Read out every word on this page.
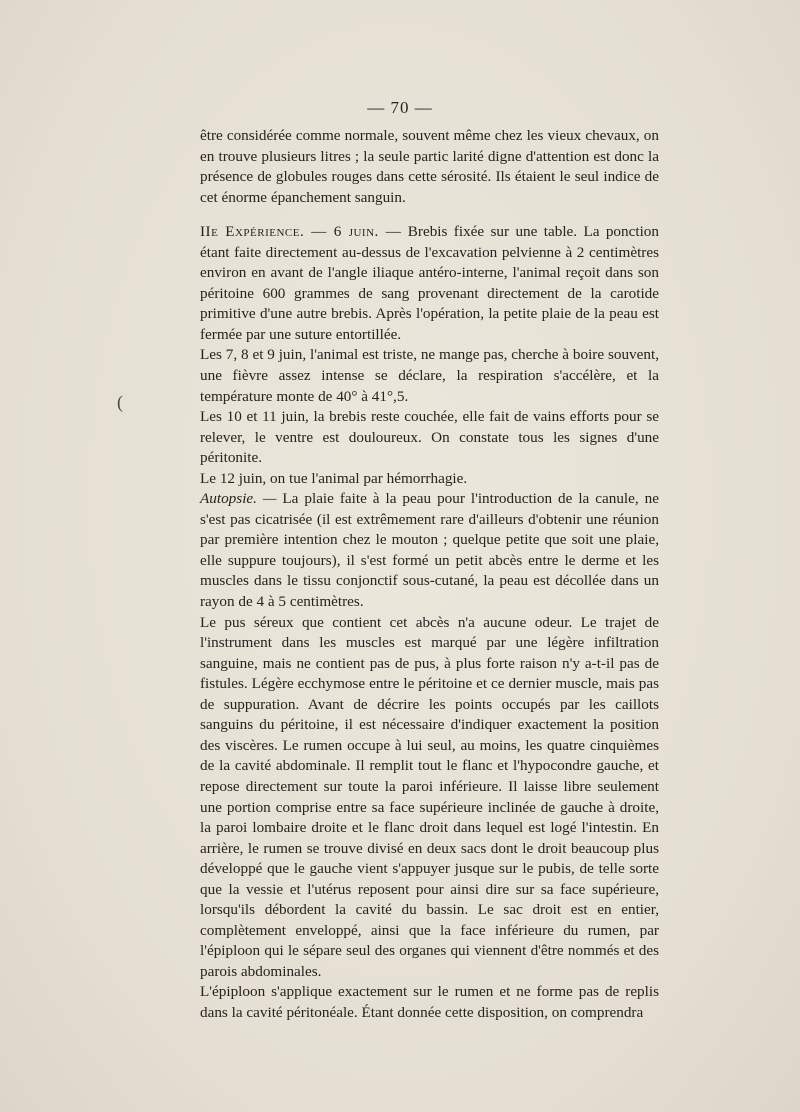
— 70 —
(

être considérée comme normale, souvent même chez les vieux chevaux, on en trouve plusieurs litres ; la seule partic larité digne d'attention est donc la présence de globules rouges dans cette sérosité. Ils étaient le seul indice de cet énorme épanchement sanguin.

IIe Expérience. — 6 juin. — Brebis fixée sur une table. La ponction étant faite directement au-dessus de l'excavation pelvienne à 2 centimètres environ en avant de l'angle iliaque antéro-interne, l'animal reçoit dans son péritoine 600 grammes de sang provenant directement de la carotide primitive d'une autre brebis. Après l'opération, la petite plaie de la peau est fermée par une suture entortillée.

Les 7, 8 et 9 juin, l'animal est triste, ne mange pas, cherche à boire souvent, une fièvre assez intense se déclare, la respiration s'accélère, et la température monte de 40° à 41°,5.

Les 10 et 11 juin, la brebis reste couchée, elle fait de vains efforts pour se relever, le ventre est douloureux. On constate tous les signes d'une péritonite.

Le 12 juin, on tue l'animal par hémorrhagie.

Autopsie. — La plaie faite à la peau pour l'introduction de la canule, ne s'est pas cicatrisée (il est extrêmement rare d'ailleurs d'obtenir une réunion par première intention chez le mouton ; quelque petite que soit une plaie, elle suppure toujours), il s'est formé un petit abcès entre le derme et les muscles dans le tissu conjonctif sous-cutané, la peau est décollée dans un rayon de 4 à 5 centimètres.

Le pus séreux que contient cet abcès n'a aucune odeur. Le trajet de l'instrument dans les muscles est marqué par une légère infiltration sanguine, mais ne contient pas de pus, à plus forte raison n'y a-t-il pas de fistules. Légère ecchymose entre le péritoine et ce dernier muscle, mais pas de suppuration. Avant de décrire les points occupés par les caillots sanguins du péritoine, il est nécessaire d'indiquer exactement la position des viscères. Le rumen occupe à lui seul, au moins, les quatre cinquièmes de la cavité abdominale. Il remplit tout le flanc et l'hypocondre gauche, et repose directement sur toute la paroi inférieure. Il laisse libre seulement une portion comprise entre sa face supérieure inclinée de gauche à droite, la paroi lombaire droite et le flanc droit dans lequel est logé l'intestin. En arrière, le rumen se trouve divisé en deux sacs dont le droit beaucoup plus développé que le gauche vient s'appuyer jusque sur le pubis, de telle sorte que la vessie et l'utérus reposent pour ainsi dire sur sa face supérieure, lorsqu'ils débordent la cavité du bassin. Le sac droit est en entier, complètement enveloppé, ainsi que la face inférieure du rumen, par l'épiploon qui le sépare seul des organes qui viennent d'être nommés et des parois abdominales.

L'épiploon s'applique exactement sur le rumen et ne forme pas de replis dans la cavité péritonéale. Étant donnée cette disposition, on comprendra
